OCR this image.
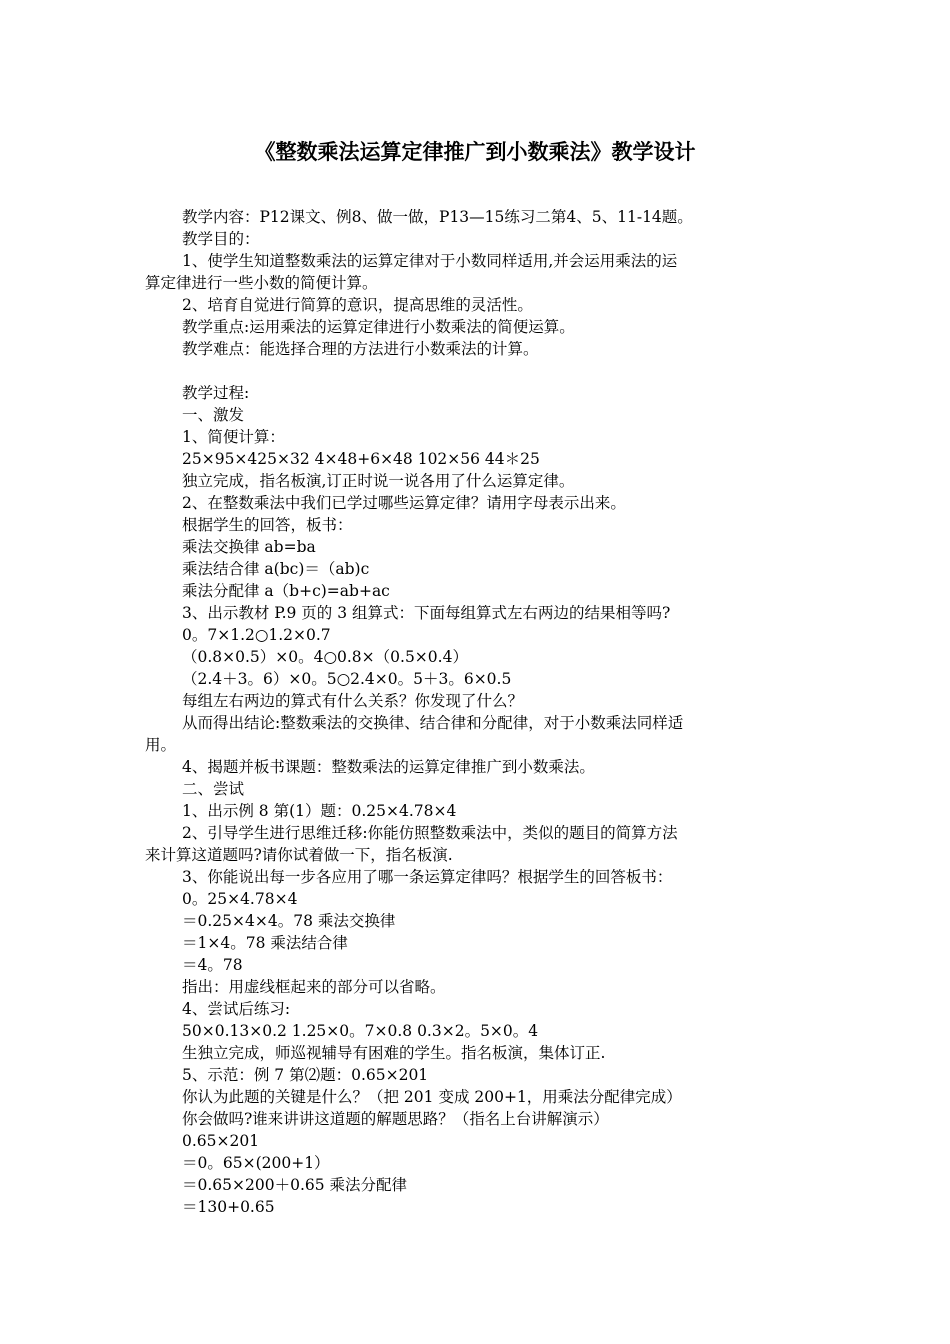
《整数乘法运算定律推广到小数乘法》教学设计
教学内容：P12课文、例8、做一做，P13—15练习二第4、5、11-14题。
教学目的：
1、使学生知道整数乘法的运算定律对于小数同样适用,并会运用乘法的运
算定律进行一些小数的简便计算。
2、培育自觉进行简算的意识，提高思维的灵活性。
教学重点:运用乘法的运算定律进行小数乘法的简便运算。
教学难点：能选择合理的方法进行小数乘法的计算。
教学过程:
一、激发
1、简便计算：
25×95×425×32 4×48+6×48 102×56 44＊25
独立完成，指名板演,订正时说一说各用了什么运算定律。
2、在整数乘法中我们已学过哪些运算定律？请用字母表示出来。
根据学生的回答，板书：
乘法交换律 ab=ba
乘法结合律 a(bc)＝（ab)c
乘法分配律 a（b+c)=ab+ac
3、出示教材 P.9 页的 3 组算式：下面每组算式左右两边的结果相等吗?
0。7×1.2○1.2×0.7
（0.8×0.5）×0。4○0.8×（0.5×0.4）
（2.4＋3。6）×0。5○2.4×0。5＋3。6×0.5
每组左右两边的算式有什么关系？你发现了什么？
从而得出结论:整数乘法的交换律、结合律和分配律，对于小数乘法同样适
用。
4、揭题并板书课题：整数乘法的运算定律推广到小数乘法。
二、尝试
1、出示例 8 第(1）题：0.25×4.78×4
2、引导学生进行思维迁移:你能仿照整数乘法中，类似的题目的简算方法
来计算这道题吗?请你试着做一下，指名板演.
3、你能说出每一步各应用了哪一条运算定律吗？根据学生的回答板书：
0。25×4.78×4
＝0.25×4×4。78 乘法交换律
＝1×4。78 乘法结合律
＝4。78
指出：用虚线框起来的部分可以省略。
4、尝试后练习:
50×0.13×0.2 1.25×0。7×0.8 0.3×2。5×0。4
生独立完成，师巡视辅导有困难的学生。指名板演，集体订正.
5、示范：例 7 第⑵题：0.65×201
你认为此题的关键是什么？（把 201 变成 200+1，用乘法分配律完成）
你会做吗?谁来讲讲这道题的解题思路？（指名上台讲解演示）
0.65×201
＝0。65×(200+1）
＝0.65×200＋0.65 乘法分配律
＝130+0.65
